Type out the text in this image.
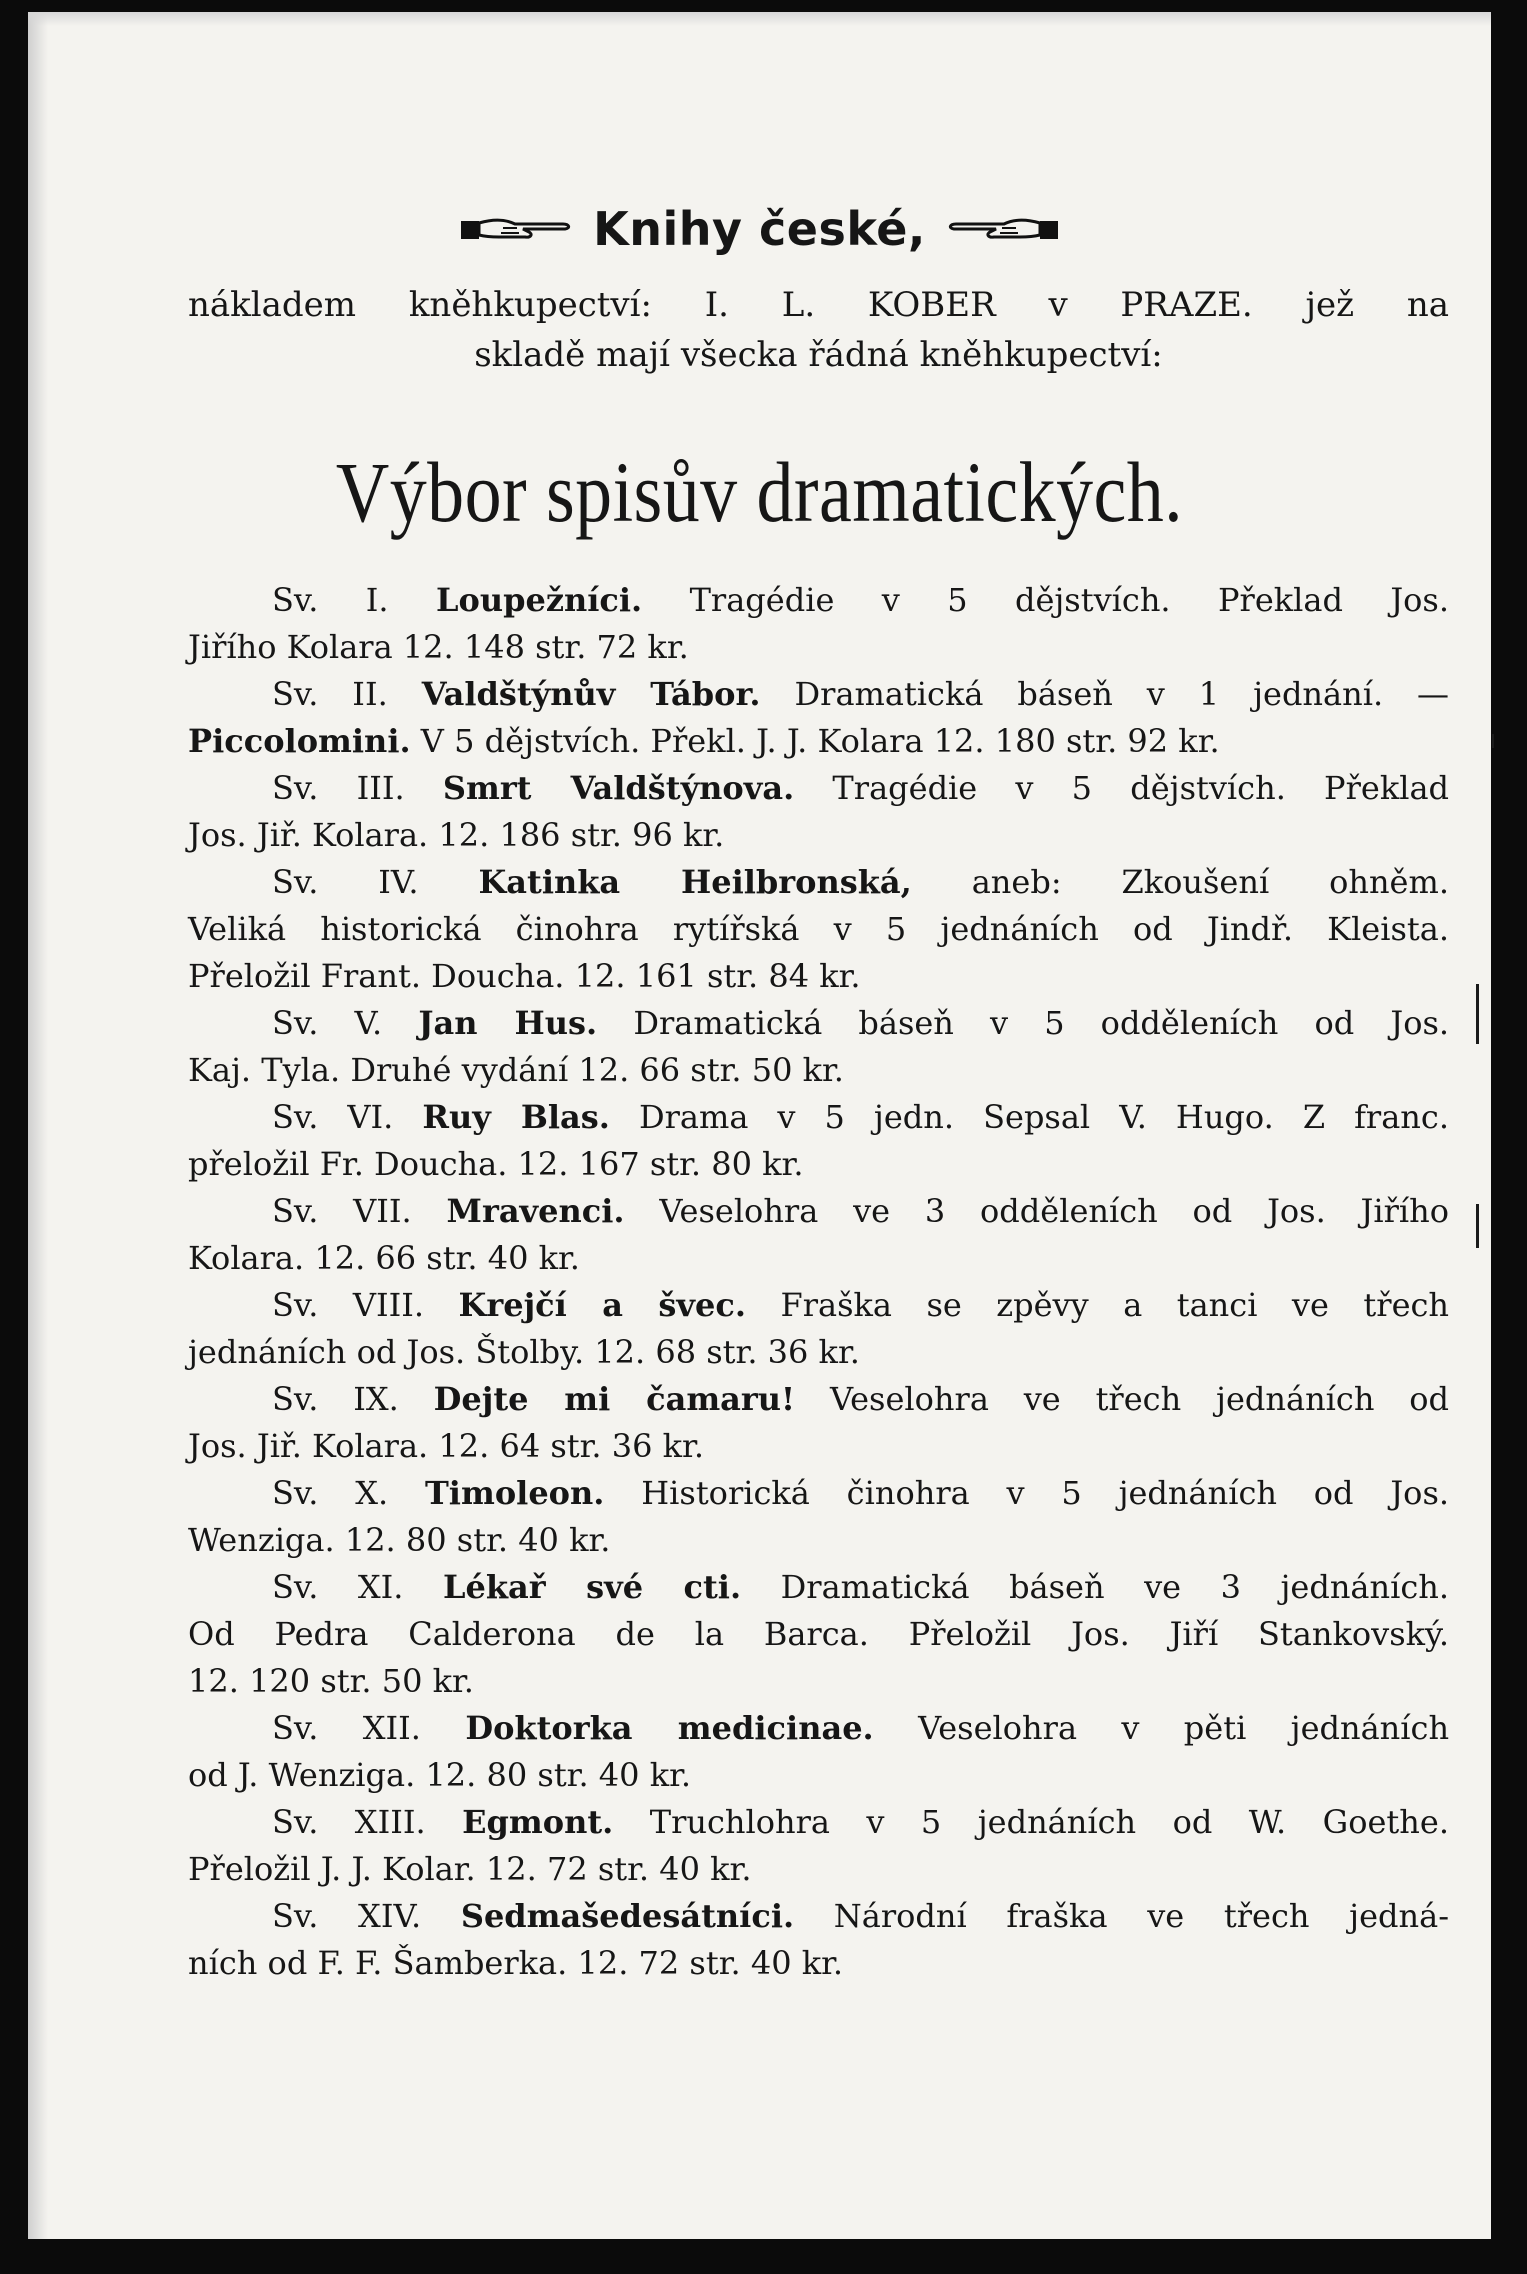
Knihy české,
nákladem kněhkupectví: I. L. KOBER v PRAZE. jež na
skladě mají všecka řádná kněhkupectví:
Výbor spisův dramatických.

Sv. I. Loupežníci. Tragédie v 5 dějstvích. Překlad Jos.

Jiřího Kolara 12. 148 str. 72 kr.

Sv. II. Valdštýnův Tábor. Dramatická báseň v 1 jednání. —

Piccolomini. V 5 dějstvích. Překl. J. J. Kolara 12. 180 str. 92 kr.

Sv. III. Smrt Valdštýnova. Tragédie v 5 dějstvích. Překlad

Jos. Jiř. Kolara. 12. 186 str. 96 kr.

Sv. IV. Katinka Heilbronská, aneb: Zkoušení ohněm.

Veliká historická činohra rytířská v 5 jednáních od Jindř. Kleista.

Přeložil Frant. Doucha. 12. 161 str. 84 kr.

Sv. V. Jan Hus. Dramatická báseň v 5 odděleních od Jos.

Kaj. Tyla. Druhé vydání 12. 66 str. 50 kr.

Sv. VI. Ruy Blas. Drama v 5 jedn. Sepsal V. Hugo. Z franc.

přeložil Fr. Doucha. 12. 167 str. 80 kr.

Sv. VII. Mravenci. Veselohra ve 3 odděleních od Jos. Jiřího

Kolara. 12. 66 str. 40 kr.

Sv. VIII. Krejčí a švec. Fraška se zpěvy a tanci ve třech

jednáních od Jos. Štolby. 12. 68 str. 36 kr.

Sv. IX. Dejte mi čamaru! Veselohra ve třech jednáních od

Jos. Jiř. Kolara. 12. 64 str. 36 kr.

Sv. X. Timoleon. Historická činohra v 5 jednáních od Jos.

Wenziga. 12. 80 str. 40 kr.

Sv. XI. Lékař své cti. Dramatická báseň ve 3 jednáních.

Od Pedra Calderona de la Barca. Přeložil Jos. Jiří Stankovský.

12. 120 str. 50 kr.

Sv. XII. Doktorka medicinae. Veselohra v pěti jednáních

od J. Wenziga. 12. 80 str. 40 kr.

Sv. XIII. Egmont. Truchlohra v 5 jednáních od W. Goethe.

Přeložil J. J. Kolar. 12. 72 str. 40 kr.

Sv. XIV. Sedmašedesátníci. Národní fraška ve třech jedná-

ních od F. F. Šamberka. 12. 72 str. 40 kr.
